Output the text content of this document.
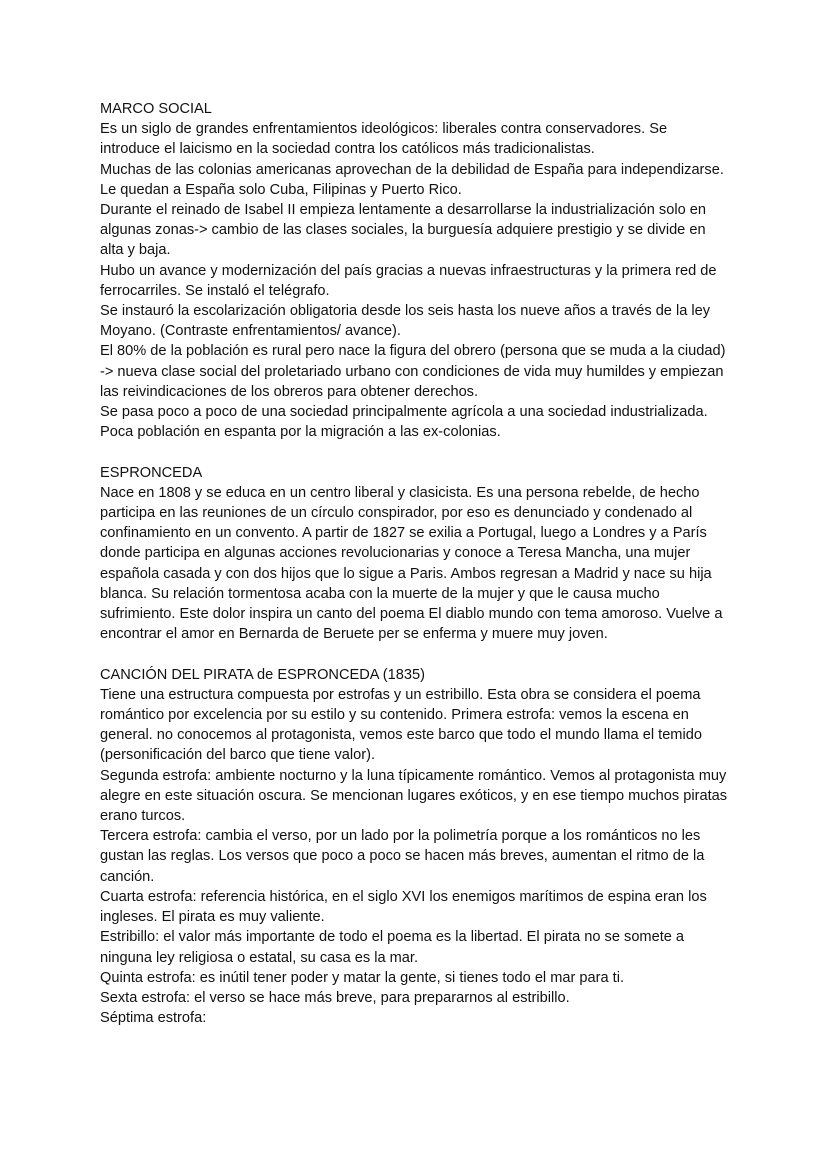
MARCO SOCIAL

Es un siglo de grandes enfrentamientos ideológicos: liberales contra conservadores. Se introduce el laicismo en la sociedad contra los católicos más tradicionalistas.

Muchas de las colonias americanas aprovechan de la debilidad de España para independizarse. Le quedan a España solo Cuba, Filipinas y Puerto Rico.

Durante el reinado de Isabel II empieza lentamente a desarrollarse la industrialización solo en algunas zonas-> cambio de las clases sociales, la burguesía adquiere prestigio y se divide en alta y baja.

Hubo un avance y modernización del país gracias a nuevas infraestructuras y la primera red de ferrocarriles. Se instaló el telégrafo.

Se instauró la escolarización obligatoria desde los seis hasta los nueve años a través de la ley Moyano. (Contraste enfrentamientos/ avance).

El 80% de la población es rural pero nace la figura del obrero (persona que se muda a la ciudad) -> nueva clase social del proletariado urbano con condiciones de vida muy humildes y empiezan las reivindicaciones de los obreros para obtener derechos.

Se pasa poco a poco de una sociedad principalmente agrícola a una sociedad industrializada.

Poca población en espanta por la migración a las ex-colonias.

ESPRONCEDA

Nace en 1808 y se educa en un centro liberal y clasicista. Es una persona rebelde, de hecho participa en las reuniones de un círculo conspirador, por eso es denunciado y condenado al confinamiento en un convento. A partir de 1827 se exilia a Portugal, luego a Londres y a París donde participa en algunas acciones revolucionarias y conoce a Teresa Mancha, una mujer española casada y con dos hijos que lo sigue a Paris. Ambos regresan a Madrid y nace su hija blanca. Su relación tormentosa acaba con la muerte de la mujer y que le causa mucho sufrimiento. Este dolor inspira un canto del poema El diablo mundo con tema amoroso. Vuelve a encontrar el amor en Bernarda de Beruete per se enferma y muere muy joven.

CANCIÓN DEL PIRATA de ESPRONCEDA (1835)

Tiene una estructura compuesta por estrofas y un estribillo. Esta obra se considera el poema romántico por excelencia por su estilo y su contenido. Primera estrofa: vemos la escena en general. no conocemos al protagonista, vemos este barco que todo el mundo llama el temido (personificación del barco que tiene valor).

Segunda estrofa: ambiente nocturno y la luna típicamente romántico. Vemos al protagonista muy alegre en este situación oscura. Se mencionan lugares exóticos, y en ese tiempo muchos piratas erano turcos.

Tercera estrofa: cambia el verso, por un lado por la polimetría porque a los románticos no les gustan las reglas. Los versos que poco a poco se hacen más breves, aumentan el ritmo de la canción.

Cuarta estrofa: referencia histórica, en el siglo XVI los enemigos marítimos de espina eran los ingleses. El pirata es muy valiente.

Estribillo: el valor más importante de todo el poema es la libertad. El pirata no se somete a ninguna ley religiosa o estatal, su casa es la mar.

Quinta estrofa: es inútil tener poder y matar la gente, si tienes todo el mar para ti.

Sexta estrofa: el verso se hace más breve, para prepararnos al estribillo.

Séptima estrofa:
